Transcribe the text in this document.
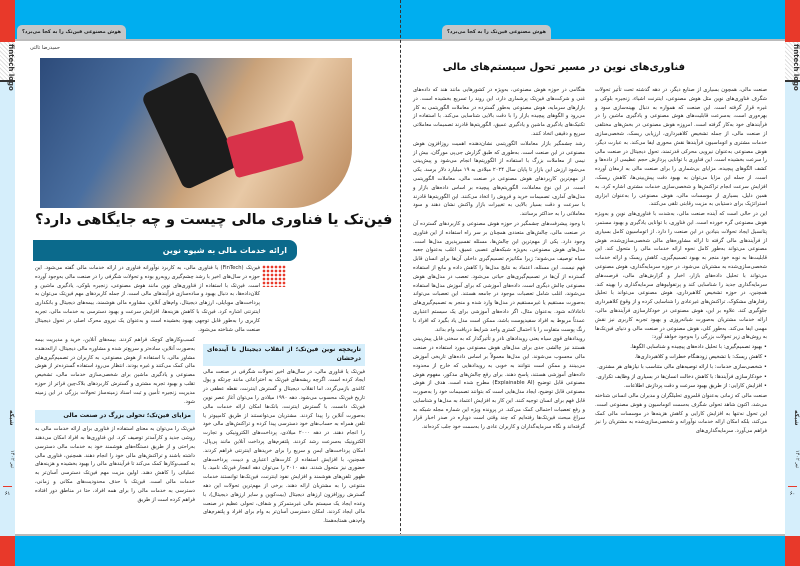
هوش مصنوعی فین‌تک را به کجا می‌برد؟	هوش مصنوعی فین‌تک را به کجا می‌برد؟
شبکه
تیر ۱۴۰۲
۶۱
fintech logo
شبکه
تیر ۱۴۰۲
۶۰
fintech logo
حمیدرضا ثالثی
فین‌تک یا فناوری مالی چیست و چه جایگاهی دارد؟
ارائه خدمات مالی به شیوه نوین
فین‌تک (FinTech) یا فناوری مالی، به کاربرد نوآورانه فناوری در ارائه خدمات مالی گفته می‌شود. این حوزه در سال‌های اخیر با رشد چشم‌گیری روبه‌رو بوده و تحولات شگرفی را در صنعت مالی به‌وجود آورده است. فین‌تک با استفاده از فناوری‌های نوین مانند هوش مصنوعی، زنجیره بلوکی، یادگیری ماشین و کلان‌داده‌ها، به دنبال بهبود و ساده‌سازی فرآیندهای مالی است. از جمله کاربردهای مهم فین‌تک می‌توان به پرداخت‌های موبایلی، ارزهای دیجیتال، وام‌های آنلاین، مشاوره مالی هوشمند، بیمه‌های دیجیتال و بانکداری اینترنتی اشاره کرد. فین‌تک با کاهش هزینه‌ها، افزایش سرعت و بهبود دسترسی به خدمات مالی، تجربه کاربری را به‌طور قابل توجهی بهبود بخشیده است و به‌عنوان یک نیروی محرک اصلی در تحول دیجیتال صنعت مالی شناخته می‌شود.
تاریخچه نوین فین‌تک؛ از انقلاب دیجیتال تا آینده‌ای درخشان

فین‌تک یا فناوری مالی، در سال‌های اخیر تحولات شگرفی در صنعت مالی ایجاد کرده است. اگرچه ریشه‌های فین‌تک به اختراعاتی مانند چرتکه و پول کاغذی بازمی‌گردد، اما انقلاب دیجیتال و گسترش اینترنت، نقطه عطفی در تاریخ فین‌تک محسوب می‌شود. دهه ۱۹۹۰ میلادی را می‌توان آغاز عصر نوین فین‌تک دانست. با گسترش اینترنت، بانک‌ها امکان ارائه خدمات مالی به‌صورت آنلاین را پیدا کردند. مشتریان می‌توانستند از طریق کامپیوتر یا تلفن همراه به حساب‌های خود دسترسی پیدا کرده و تراکنش‌های مالی خود را انجام دهند. در دهه ۲۰۰۰ میلادی، پرداخت‌های الکترونیکی و تجارت الکترونیک به‌سرعت رشد کردند. پلتفرم‌های پرداخت آنلاین مانند پی‌پال، امکان پرداخت‌های ایمن و سریع را برای خریدهای اینترنتی فراهم کردند. همچنین، با افزایش استفاده از کارت‌های اعتباری و دبیت، پرداخت‌های حضوری نیز متحول شدند. دهه ۲۰۱۰ را می‌توان دهه انفجار فین‌تک نامید. با ظهور تلفن‌های هوشمند و افزایش نفوذ اینترنت، فین‌تک‌ها توانستند خدمات متنوعی را به مشتریان ارائه دهند. برخی از مهم‌ترین تحولات این دهه گسترش روزافزون ارزهای دیجیتال (بیت‌کوین و سایر ارزهای دیجیتال)، با وعده ایجاد یک سیستم مالی غیرمتمرکز و شفاف، تحولی عظیم در صنعت مالی ایجاد کردند. امکان دسترسی آسان‌تر به وام برای افراد و پلتفرم‌های وام‌دهی همتا‌به‌همتا.

کسب‌وکارهای کوچک فراهم کردند. بیمه‌های آنلاین، خرید و مدیریت بیمه به‌صورت آنلاین، ساده‌تر و سریع‌تر شده و مشاوره مالی دیجیتال، ارائه‌دهنده مشاور مالی، با استفاده از هوش مصنوعی، به کاربران در تصمیم‌گیری‌های مالی کمک می‌کنند و غیره بودند. انتظار می‌رود استفاده گسترده‌تر از هوش مصنوعی و یادگیری ماشین برای شخصی‌سازی خدمات مالی، تشخیص تقلب و بهبود تجربه مشتری و گسترش کاربردهای بلاک‌چین فراتر از حوزه مدیریت زنجیره تأمین و ثبت اسناد زمینه‌ساز تحولات بزرگی در این زمینه شود.

مزایای فین‌تک؛ تحولی بزرگ در صنعت مالی

فین‌تک را می‌توان به معنای استفاده از فناوری برای ارائه خدمات مالی به روشی جدید و کارآمدتر توصیف کرد. این فناوری‌ها به افراد امکان می‌دهند به‌راحتی و از طریق دستگاه‌های هوشمند خود به خدمات مالی دسترسی داشته باشند و تراکنش‌های مالی خود را انجام دهند. همچنین، فناوری مالی به کسب‌وکارها کمک می‌کند تا فرآیندهای مالی را بهبود بخشیده و هزینه‌های عملیاتی را کاهش دهند. اولین مزیت مهم فین‌تک دسترسی آسان‌تر به خدمات مالی است. فین‌تک با حذف محدودیت‌های مکانی و زمانی، دسترسی به خدمات مالی را برای همه افراد، حتا در مناطق دور افتاده فراهم کرده است از طریق

فناوری‌های نوین در مسیر تحول سیستم‌های مالی

صنعت مالی، همچون بسیاری از صنایع دیگر، در دهه گذشته تحت تأثیر تحولات شگرف فناوری‌های نوین مثل هوش مصنوعی، اینترنت اشیاء، زنجیره بلوکی و غیره قرار گرفته است. این صنعت که همواره به دنبال بهینه‌سازی سود و بهره‌وری است، به‌سرعت قابلیت‌های هوش مصنوعی و یادگیری ماشین را در فرآیندهای خود به‌کار گرفته است. امروزه هوش مصنوعی در بخش‌های مختلفی از صنعت مالی، از جمله تشخیص کلاهبرداری، ارزیابی ریسک، شخصی‌سازی خدمات مشتری و اتوماسیون فرآیندها نقش محوری ایفا می‌کند. به عبارت دیگر، هوش مصنوعی به‌عنوان نیرویی محرکی قدرتمند، تحول دیجیتال در صنعت مالی را سرعت بخشیده است. این فناوری با توانایی پردازش حجم عظیمی از داده‌ها و کشف الگوهای پیچیده، مزایای بی‌شماری را برای صنعت مالی به ارمغان آورده است. از جمله این مزایا می‌توان به بهبود دقت پیش‌بینی‌ها، کاهش ریسک، افزایش سرعت انجام تراکنش‌ها و شخصی‌سازی خدمات مشتری اشاره کرد. به همین دلیل، بسیاری از موسسات مالی، هوش مصنوعی را به‌عنوان ابزاری استراتژیک برای دستیابی به مزیت رقابتی تلقی می‌کنند.

این در حالی است که آینده صنعت مالی، به‌شدت با فناوری‌های نوین و به‌ویژه هوش مصنوعی گره خورده است. این فناوری، با توانایی یادگیری و بهبود مستمر، پتانسیل ایجاد تحولات بنیادین در این صنعت را دارد. از اتوماسیون کامل بسیاری از فرآیندهای مالی گرفته تا ارائه مشاوره‌های مالی شخصی‌سازی‌شده، هوش مصنوعی می‌تواند به‌طور کامل نحوه ارائه خدمات مالی را متحول کند. این قابلیت‌ها به نوبه خود منجر به بهبود تصمیم‌گیری، کاهش ریسک و ارائه خدمات شخصی‌سازی‌شده به مشتریان می‌شود. در حوزه سرمایه‌گذاری، هوش مصنوعی می‌تواند با تحلیل داده‌های بازار، اخبار و گزارش‌های مالی، فرصت‌های سرمایه‌گذاری جدید را شناسایی کند و پرتفولیوهای سرمایه‌گذاری را بهینه کند. همچنین، در حوزه تشخیص کلاهبرداری، هوش مصنوعی می‌تواند با تحلیل رفتارهای مشکوک، تراکنش‌های غیرعادی را شناسایی کرده و از وقوع کلاهبرداری جلوگیری کند. علاوه بر این، هوش مصنوعی در خودکارسازی فرآیندهای مالی، ارائه خدمات مشتریان به‌صورت شبانه‌روزی و بهبود تجربه کاربری نیز نقش مهمی ایفا می‌کند. به‌طور کلی، هوش مصنوعی در صنعت مالی و دنیای فین‌تک‌ها به روش‌های زیر تحولات بزرگی را به‌وجود خواهد آورد:

• بهبود تصمیم‌گیری: با تحلیل داده‌های پیچیده و شناسایی الگوها.

• کاهش ریسک: با تشخیص زودهنگام خطرات و کلاهبرداری‌ها.

• شخصی‌سازی خدمات: با ارائه توصیه‌های مالی متناسب با نیازهای هر مشتری.

• خودکارسازی فرآیندها: با کاهش دخالت انسان‌ها در بسیاری از وظایف تکراری.

• افزایش کارایی: از طریق بهبود سرعت و دقت پردازش اطلاعات.

صنعت مالی که زمانی به‌عنوان قلمروی تحلیلگران و مدیران مالی انسانی شناخته می‌شد، اکنون شاهد تحولی شگرف به‌سمت اتوماسیون و هوش مصنوعی است. این تحول نه‌تنها به افزایش کارایی و کاهش هزینه‌ها در موسسات مالی کمک می‌کند، بلکه امکان ارائه خدمات نوآورانه و شخصی‌سازی‌شده به مشتریان را نیز فراهم می‌آورد. سرمایه‌گذاری‌های

هنگامی در حوزه هوش مصنوعی، به‌ویژه در کشورهایی مانند هند که داده‌های غنی و شرکت‌های فین‌تک پرشماری دارد، این روند را تسریع بخشیده است. در بازارهای سرمایه، هوش مصنوعی به‌طور گسترده در معاملات الگوریتمی به کار می‌رود و الگوهای پیچیده بازار را با دقت بالایی شناسایی می‌کند. با استفاده از تکنیک‌های یادگیری ماشین و یادگیری عمیق، الگوریتم‌ها قادرند تصمیمات معاملاتی سریع و دقیقی اتخاذ کنند.

رشد چشمگیر بازار معاملات الگوریتمی نشان‌دهنده اهمیت روزافزون هوش مصنوعی در این صنعت است. به‌طوری که طبق گزارش جی‌پی مورگان، بیش از نیمی از معاملات بزرگ با استفاده از الگوریتم‌ها انجام می‌شود و پیش‌بینی می‌شود ارزش این بازار تا پایان سال ۲۰۲۴ میلادی به ۱۹ میلیارد دلار برسد. یکی از مهم‌ترین کاربردهای هوش مصنوعی در صنعت مالی، معاملات الگوریتمی است. در این نوع معاملات، الگوریتم‌های پیچیده بر اساس داده‌های بازار و مدل‌های آماری، تصمیمات خرید و فروش را اتخاذ می‌کنند. این الگوریتم‌ها قادرند با سرعت و دقت بسیار بالایی به تغییرات بازار واکنش نشان دهند و سود معاملاتی را به حداکثر برسانند.

با وجود پیشرفت‌های چشمگیر در حوزه هوش مصنوعی و کاربردهای گسترده آن در صنعت مالی، چالش‌های متعددی همچنان بر سر راه استفاده از این فناوری وجود دارد. یکی از مهم‌ترین این چالش‌ها، مسئله تفسیرپذیری مدل‌ها است. مدل‌های هوش مصنوعی، به‌ویژه شبکه‌های عصبی عمیق، اغلب به‌عنوان جعبه سیاه توصیف می‌شوند؛ زیرا مکانیزم تصمیم‌گیری داخلی آن‌ها برای انسان قابل فهم نیست. این مسئله، اعتماد به نتایج مدل‌ها را کاهش داده و مانع از استفاده گسترده از آن‌ها در تصمیم‌گیری‌های حیاتی می‌شود. تعصب در مدل‌های هوش مصنوعی چالش دیگری است. داده‌های آموزشی که برای آموزش مدل‌ها استفاده می‌شوند، اغلب شامل تعصبات موجود در جامعه هستند. این تعصبات می‌تواند به‌صورت مستقیم یا غیرمستقیم در مدل‌ها وارد شده و منجر به تصمیم‌گیری‌های ناعادلانه شود. به‌عنوان مثال، اگر داده‌های آموزشی برای یک سیستم اعتباری عمدتاً مربوط به افراد سفیدپوست باشد، ممکن است مدل یاد بگیرد که افراد با رنگ پوست متفاوت را با احتمال کمتری واجد شرایط دریافت وام بداند.

رویدادهای قوی سیاه یعنی رویدادهای نادر و تأثیرگذار که به سختی قابل پیش‌بینی هستند نیز چالشی جدی برای مدل‌های هوش مصنوعی مورد استفاده در صنعت مالی محسوب می‌شوند. این مدل‌ها معمولاً بر اساس داده‌های تاریخی آموزش می‌بینند و ممکن است نتوانند به خوبی به رویدادهایی که خارج از محدوده داده‌های آموزشی هستند، پاسخ دهند. برای رفع چالش‌های مذکور، مفهوم هوش مصنوعی قابل توضیح (Explainable AI) مطرح شده است. هدف از هوش مصنوعی قابل توضیح، ایجاد مدل‌هایی است که بتوانند تصمیمات خود را به‌صورت قابل فهم برای انسان توجیه کنند. این کار به افزایش اعتماد به مدل‌ها و شناسایی و رفع تعصبات احتمالی کمک می‌کند. در پرونده ویژه این شماره مجله شبکه به سراغ مبحث فین‌تک‌ها رفته‌ایم که چند وقتی است دوباره در صدر اخبار قرار گرفته‌اند و نگاه سرمایه‌گذاران و کاربران عادی را به‌سمت خود جلب کرده‌اند.
